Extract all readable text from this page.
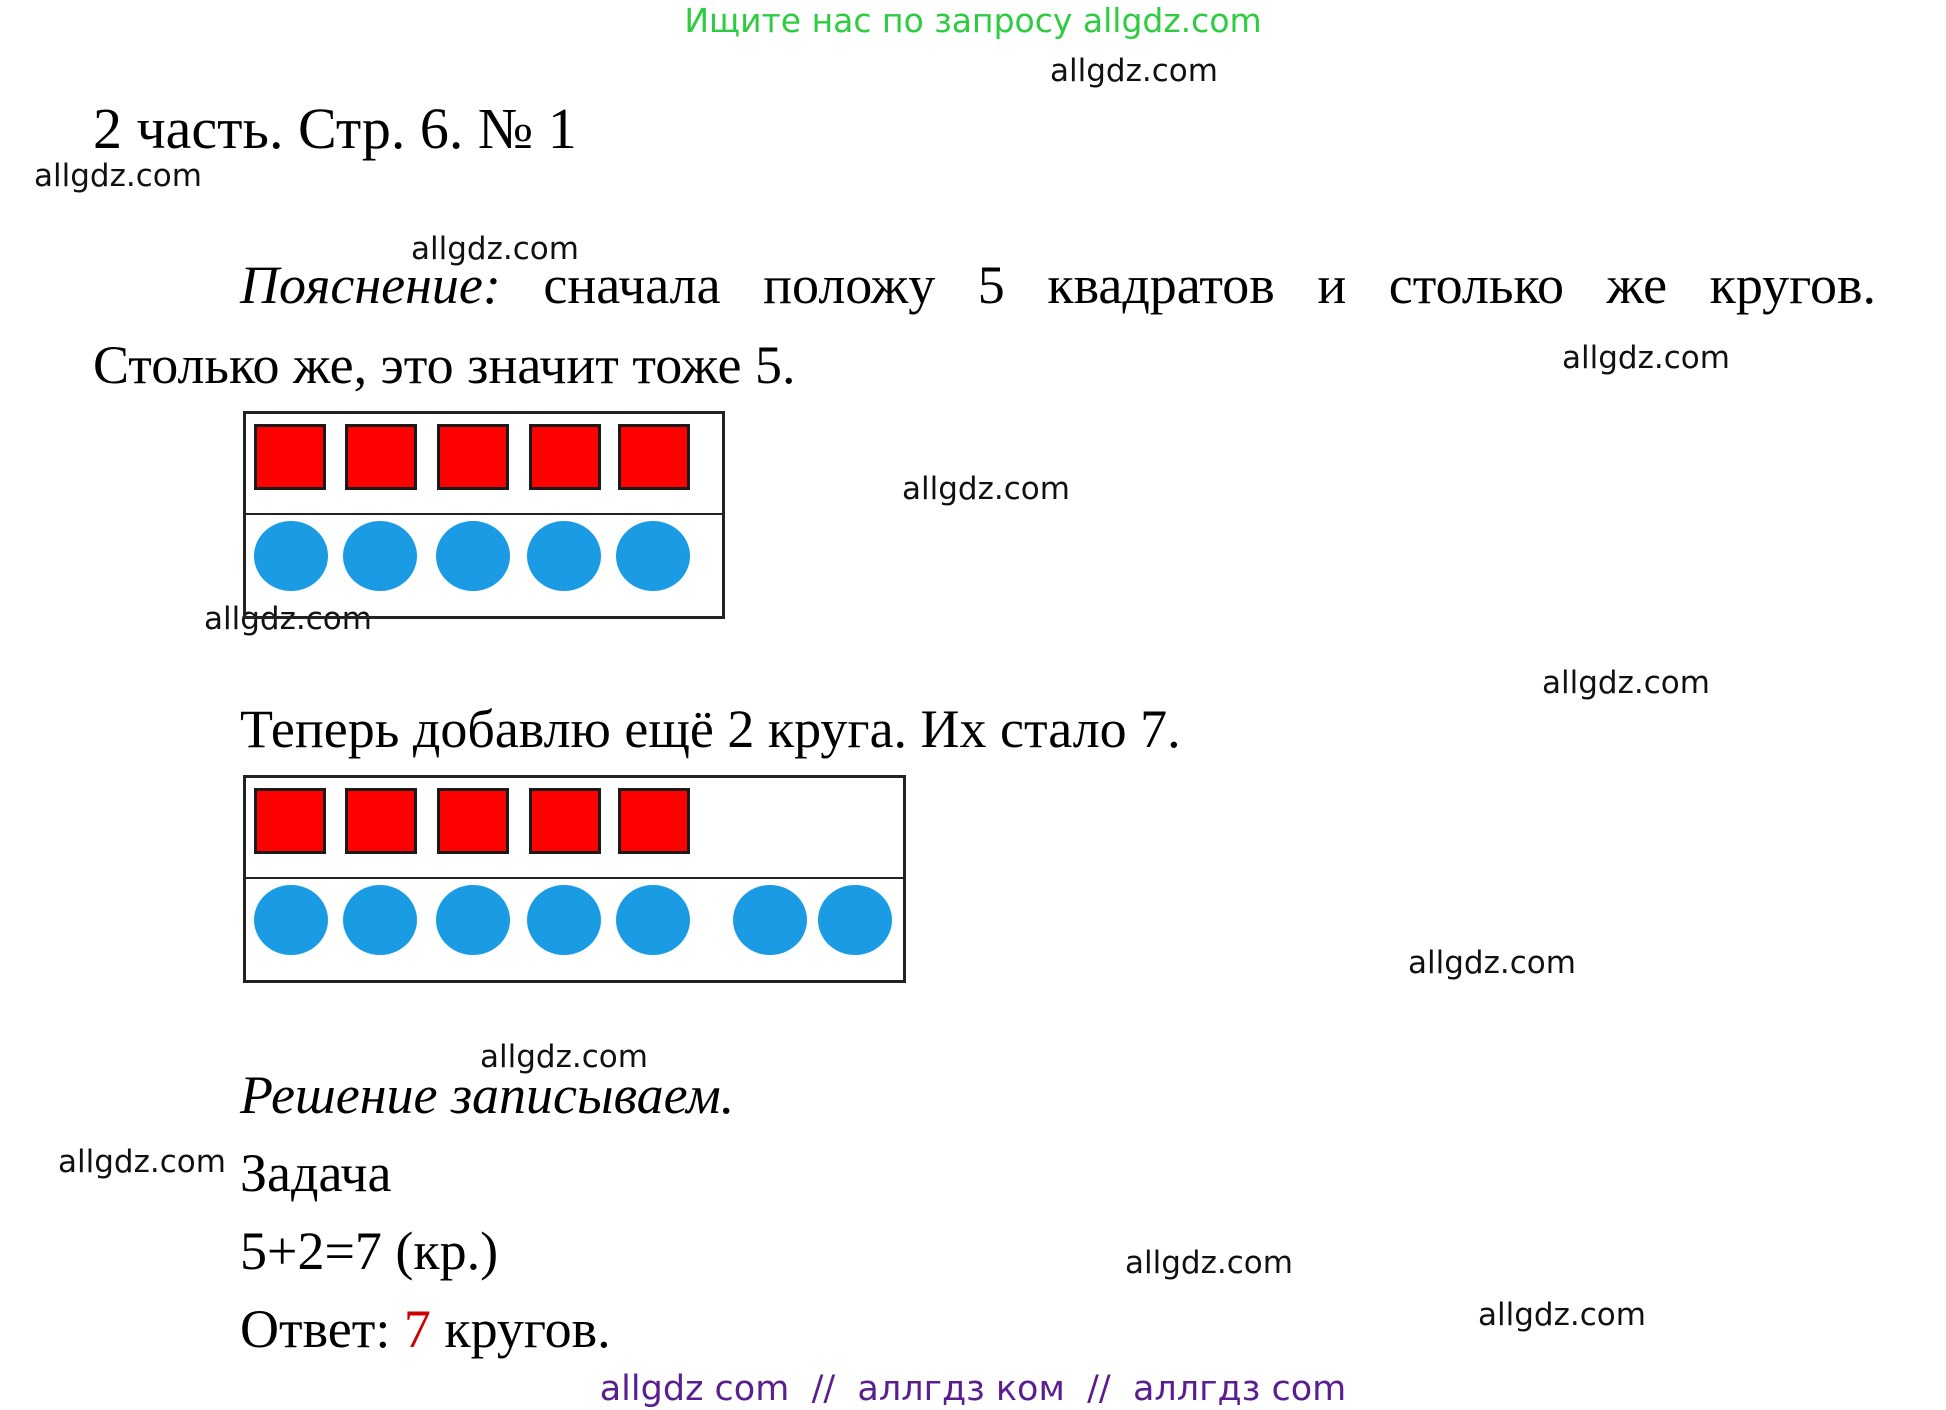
Ищите нас по запросу allgdz.com
allgdz.com
allgdz.com
allgdz.com
allgdz.com
allgdz.com
allgdz.com
allgdz.com
allgdz.com
allgdz.com
allgdz.com
allgdz.com
allgdz.com
2 часть. Стр. 6. № 1
Пояснение: сначала положу 5 квадратов и столько же кругов.
Столько же, это значит тоже 5.
Теперь добавлю ещё 2 круга. Их стало 7.
Решение записываем.
Задача
5+2=7 (кр.)
Ответ: 7 кругов.
allgdz com  //  аллгдз ком  //  аллгдз com
